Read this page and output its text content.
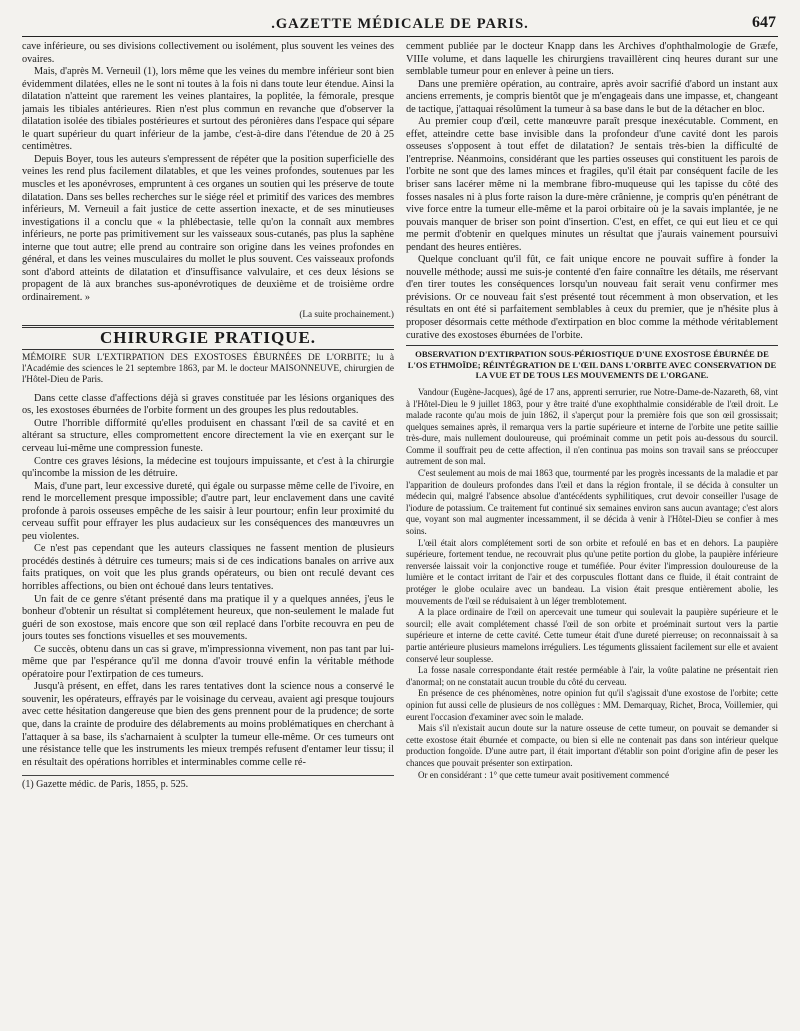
.GAZETTE MÉDICALE DE PARIS.	647

cave inférieure, ou ses divisions collectivement ou isolément, plus souvent les veines des ovaires.

Mais, d'après M. Verneuil (1), lors même que les veines du membre inférieur sont bien évidemment dilatées, elles ne le sont ni toutes à la fois ni dans toute leur étendue. Ainsi la dilatation n'atteint que rarement les veines plantaires, la poplitée, la fémorale, presque jamais les tibiales antérieures. Rien n'est plus commun en revanche que d'observer la dilatation isolée des tibiales postérieures et surtout des péronières dans l'espace qui sépare le quart supérieur du quart inférieur de la jambe, c'est-à-dire dans l'étendue de 20 à 25 centimètres.

Depuis Boyer, tous les auteurs s'empressent de répéter que la position superficielle des veines les rend plus facilement dilatables, et que les veines profondes, soutenues par les muscles et les aponévroses, empruntent à ces organes un soutien qui les préserve de toute dilatation. Dans ses belles recherches sur le siége réel et primitif des varices des membres inférieurs, M. Verneuil a fait justice de cette assertion inexacte, et de ses minutieuses investigations il a conclu que « la phlébectasie, telle qu'on la connaît aux membres inférieurs, ne porte pas primitivement sur les vaisseaux sous-cutanés, pas plus la saphène interne que tout autre; elle prend au contraire son origine dans les veines profondes en général, et dans les veines musculaires du mollet le plus souvent. Ces vaisseaux profonds sont d'abord atteints de dilatation et d'insuffisance valvulaire, et ces deux lésions se propagent de là aux branches sus-aponévrotiques de deuxième et de troisième ordre ordinairement. »

(La suite prochainement.)
CHIRURGIE PRATIQUE.
MÉMOIRE SUR L'EXTIRPATION DES EXOSTOSES ÉBURNÉES DE L'ORBITE; lu à l'Académie des sciences le 21 septembre 1863, par M. le docteur MAISONNEUVE, chirurgien de l'Hôtel-Dieu de Paris.

Dans cette classe d'affections déjà si graves constituée par les lésions organiques des os, les exostoses éburnées de l'orbite forment un des groupes les plus redoutables.

Outre l'horrible difformité qu'elles produisent en chassant l'œil de sa cavité et en altérant sa structure, elles compromettent encore directement la vie en exerçant sur le cerveau lui-même une compression funeste.

Contre ces graves lésions, la médecine est toujours impuissante, et c'est à la chirurgie qu'incombe la mission de les détruire.

Mais, d'une part, leur excessive dureté, qui égale ou surpasse même celle de l'ivoire, en rend le morcellement presque impossible; d'autre part, leur enclavement dans une cavité profonde à parois osseuses empêche de les saisir à leur pourtour; enfin leur proximité du cerveau suffit pour effrayer les plus audacieux sur les conséquences des manœuvres un peu violentes.

Ce n'est pas cependant que les auteurs classiques ne fassent mention de plusieurs procédés destinés à détruire ces tumeurs; mais si de ces indications banales on arrive aux faits pratiques, on voit que les plus grands opérateurs, ou bien ont reculé devant ces horribles affections, ou bien ont échoué dans leurs tentatives.

Un fait de ce genre s'étant présenté dans ma pratique il y a quelques années, j'eus le bonheur d'obtenir un résultat si complétement heureux, que non-seulement le malade fut guéri de son exostose, mais encore que son œil replacé dans l'orbite recouvra en peu de jours toutes ses fonctions visuelles et ses mouvements.

Ce succès, obtenu dans un cas si grave, m'impressionna vivement, non pas tant par lui-même que par l'espérance qu'il me donna d'avoir trouvé enfin la véritable méthode opératoire pour l'extirpation de ces tumeurs.

Jusqu'à présent, en effet, dans les rares tentatives dont la science nous a conservé le souvenir, les opérateurs, effrayés par le voisinage du cerveau, avaient agi presque toujours avec cette hésitation dangereuse que bien des gens prennent pour de la prudence; de sorte que, dans la crainte de produire des délabrements au moins problématiques en cherchant à l'attaquer à sa base, ils s'acharnaient à sculpter la tumeur elle-même. Or ces tumeurs ont une résistance telle que les instruments les mieux trempés refusent d'entamer leur tissu; il en résultait des opérations horribles et interminables comme celle ré-

(1) Gazette médic. de Paris, 1855, p. 525.

cemment publiée par le docteur Knapp dans les Archives d'ophthalmologie de Græfe, VIIIe volume, et dans laquelle les chirurgiens travaillèrent cinq heures durant sur une semblable tumeur pour en enlever à peine un tiers.

Dans une première opération, au contraire, après avoir sacrifié d'abord un instant aux anciens errements, je compris bientôt que je m'engageais dans une impasse, et, changeant de tactique, j'attaquai résolûment la tumeur à sa base dans le but de la détacher en bloc.

Au premier coup d'œil, cette manœuvre paraît presque inexécutable. Comment, en effet, atteindre cette base invisible dans la profondeur d'une cavité dont les parois osseuses s'opposent à tout effet de dilatation? Je sentais très-bien la difficulté de l'entreprise. Néanmoins, considérant que les parties osseuses qui constituent les parois de l'orbite ne sont que des lames minces et fragiles, qu'il était par conséquent facile de les briser sans lacérer même ni la membrane fibro-muqueuse qui les tapisse du côté des fosses nasales ni à plus forte raison la dure-mère crânienne, je compris qu'en pénétrant de vive force entre la tumeur elle-même et la paroi orbitaire où je la savais implantée, je ne pouvais manquer de briser son point d'insertion. C'est, en effet, ce qui eut lieu et ce qui me permit d'obtenir en quelques minutes un résultat que j'aurais vainement poursuivi pendant des heures entières.

Quelque concluant qu'il fût, ce fait unique encore ne pouvait suffire à fonder la nouvelle méthode; aussi me suis-je contenté d'en faire connaître les détails, me réservant d'en tirer toutes les conséquences lorsqu'un nouveau fait serait venu confirmer mes prévisions. Or ce nouveau fait s'est présenté tout récemment à mon observation, et les résultats en ont été si parfaitement semblables à ceux du premier, que je n'hésite plus à proposer désormais cette méthode d'extirpation en bloc comme la méthode véritablement curative des exostoses éburnées de l'orbite.

OBSERVATION D'EXTIRPATION SOUS-PÉRIOSTIQUE D'UNE EXOSTOSE ÉBURNÉE DE L'OS ETHMOÏDE; RÉINTÉGRATION DE L'ŒIL DANS L'ORBITE AVEC CONSERVATION DE LA VUE ET DE TOUS LES MOUVEMENTS DE L'ORGANE.

Vandour (Eugène-Jacques), âgé de 17 ans, apprenti serrurier, rue Notre-Dame-de-Nazareth, 68, vint à l'Hôtel-Dieu le 9 juillet 1863, pour y être traité d'une exophthalmie considérable de l'œil droit. Le malade raconte qu'au mois de juin 1862, il s'aperçut pour la première fois que son œil grossissait; quelques semaines après, il remarqua vers la partie supérieure et interne de l'orbite une petite saillie très-dure, mais nullement douloureuse, qui proéminait comme un petit pois au-dessous du sourcil. Comme il souffrait peu de cette affection, il n'en continua pas moins son travail sans se préoccuper autrement de son mal.

C'est seulement au mois de mai 1863 que, tourmenté par les progrès incessants de la maladie et par l'apparition de douleurs profondes dans l'œil et dans la région frontale, il se décida à consulter un médecin qui, malgré l'absence absolue d'antécédents syphilitiques, crut devoir conseiller l'usage de l'iodure de potassium. Ce traitement fut continué six semaines environ sans aucun avantage; c'est alors que, voyant son mal augmenter incessamment, il se décida à venir à l'Hôtel-Dieu se confier à mes soins.

L'œil était alors complétement sorti de son orbite et refoulé en bas et en dehors. La paupière supérieure, fortement tendue, ne recouvrait plus qu'une petite portion du globe, la paupière inférieure renversée laissait voir la conjonctive rouge et tuméfiée. Pour éviter l'impression douloureuse de la lumière et le contact irritant de l'air et des corpuscules flottant dans ce fluide, il était contraint de protéger le globe oculaire avec un bandeau. La vision était presque entièrement abolie, les mouvements de l'œil se réduisaient à un léger tremblotement.

A la place ordinaire de l'œil on apercevait une tumeur qui soulevait la paupière supérieure et le sourcil; elle avait complétement chassé l'œil de son orbite et proéminait surtout vers la partie supérieure et interne de cette cavité. Cette tumeur était d'une dureté pierreuse; on reconnaissait à sa partie antérieure plusieurs mamelons irréguliers. Les téguments glissaient facilement sur elle et avaient conservé leur souplesse.

La fosse nasale correspondante était restée perméable à l'air, la voûte palatine ne présentait rien d'anormal; on ne constatait aucun trouble du côté du cerveau.

En présence de ces phénomènes, notre opinion fut qu'il s'agissait d'une exostose de l'orbite; cette opinion fut aussi celle de plusieurs de nos collègues : MM. Demarquay, Richet, Broca, Voillemier, qui eurent l'occasion d'examiner avec soin le malade.

Mais s'il n'existait aucun doute sur la nature osseuse de cette tumeur, on pouvait se demander si cette exostose était éburnée et compacte, ou bien si elle ne contenait pas dans son intérieur quelque production fongoïde. D'une autre part, il était important d'établir son point d'origine afin de peser les chances que pouvait présenter son extirpation.

Or en considérant : 1° que cette tumeur avait positivement commencé
